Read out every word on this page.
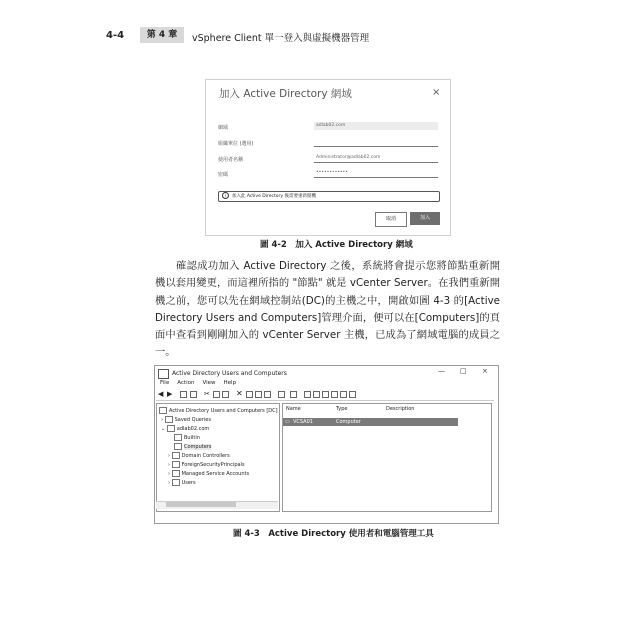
4-4	第 4 章	vSphere Client 單一登入與虛擬機器管理
加入 Active Directory 網域	×
網域	adlab02.com
組織單位 (選用)
使用者名稱	Administrator@adlab02.com
密碼	••••••••••••
i 加入此 Active Directory 後需要重新開機
取消	加入
圖 4-2　加入 Active Directory 網域

確認成功加入 Active Directory 之後，系統將會提示您將節點重新開機以套用變更，而這裡所指的 "節點" 就是 vCenter Server。在我們重新開機之前，您可以先在網域控制站(DC)的主機之中，開啟如圖 4-3 的[Active Directory Users and Computers]管理介面，便可以在[Computers]的頁面中查看到剛剛加入的 vCenter Server 主機，已成為了網域電腦的成員之一。

Active Directory Users and Computers	— □ ×
File Action View Help
◀ ▶	✂	✕
Active Directory Users and Computers [DC]
› Saved Queries
⌄ adlab02.com
Builtin
Computers
› Domain Controllers
› ForeignSecurityPrincipals
› Managed Service Accounts
› Users
Name	Type	Description
▭ VCSA01	Computer
圖 4-3　Active Directory 使用者和電腦管理工具
